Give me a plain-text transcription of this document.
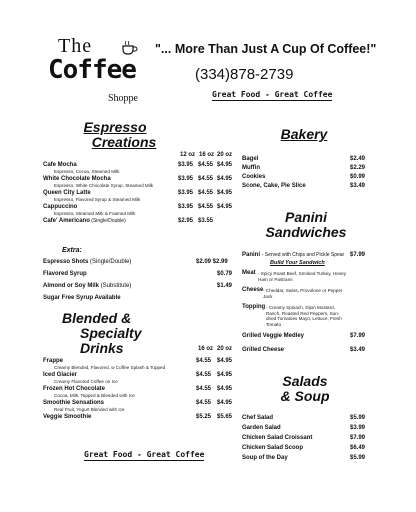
The
Coffee
Shoppe
"... More Than Just A Cup Of Coffee!"
(334)878-2739
Great Food - Great Coffee
Espresso
Creations
12 oz 16 oz 20 oz
Cafe Mocha	$3.95 $4.55 $4.95
Espresso, Cocoa, Steamed Milk
White Chocolate Mocha	$3.95 $4.55 $4.95
Espresso, White Chocolate Syrup, Steamed Milk
Queen City Latte	$3.95 $4.55 $4.95
Espresso, Flavored Syrup & Steamed Milk
Cappuccino	$3.95 $4.55 $4.95
Espresso, Steamed Milk & Foamed Milk
Cafe' Americano (Single/Double)	$2.95 $3.55
Extra:
Espresso Shots (Single/Double)	$2.09 $2.99
Flavored Syrup	$0.79
Almond or Soy Milk (Substitute)	$1.49
Sugar Free Syrup Available
Blended &
Specialty Drinks	16 oz 20 oz
Frappe	$4.55 $4.95
Creamy Blended, Flavored, w Coffee Splash & Topped
Iced Glacier	$4.55 $4.95
Creamy Flavored Coffee on Ice
Frozen Hot Chocolate	$4.55 $4.95
Cocoa, Milk, Topped & Blended with Ice
Smoothie Sensations	$4.55 $4.95
Real Fruit, Yogurt Blended with Ice
Veggie Smoothie	$5.25 $5.65
Great Food - Great Coffee
Bakery
Bagel	$2.49
Muffin	$2.29
Cookies	$0.99
Scone, Cake, Pie Slice	$3.49
Panini
Sandwiches
Panini - Served with Chips and Pickle Spear $7.99
Build Your Sandwich
Meat - Spicy Roast Beef, Smoked Turkey, Honey Ham or Pastrami
Cheese - Cheddar, Swiss, Provolone or Pepper Jack
Topping - Creamy Spinach, Dijon Mustard, Ranch, Roasted Red Peppers, Sun-dried Tomatoes Mayo, Lettuce, Fresh Tomato
Grilled Veggie Medley	$7.99
Grilled Cheese	$3.49
Salads
& Soup
Chef Salad	$5.99
Garden Salad	$3.99
Chicken Salad Croissant	$7.99
Chicken Salad Scoop	$6.49
Soup of the Day	$5.99
